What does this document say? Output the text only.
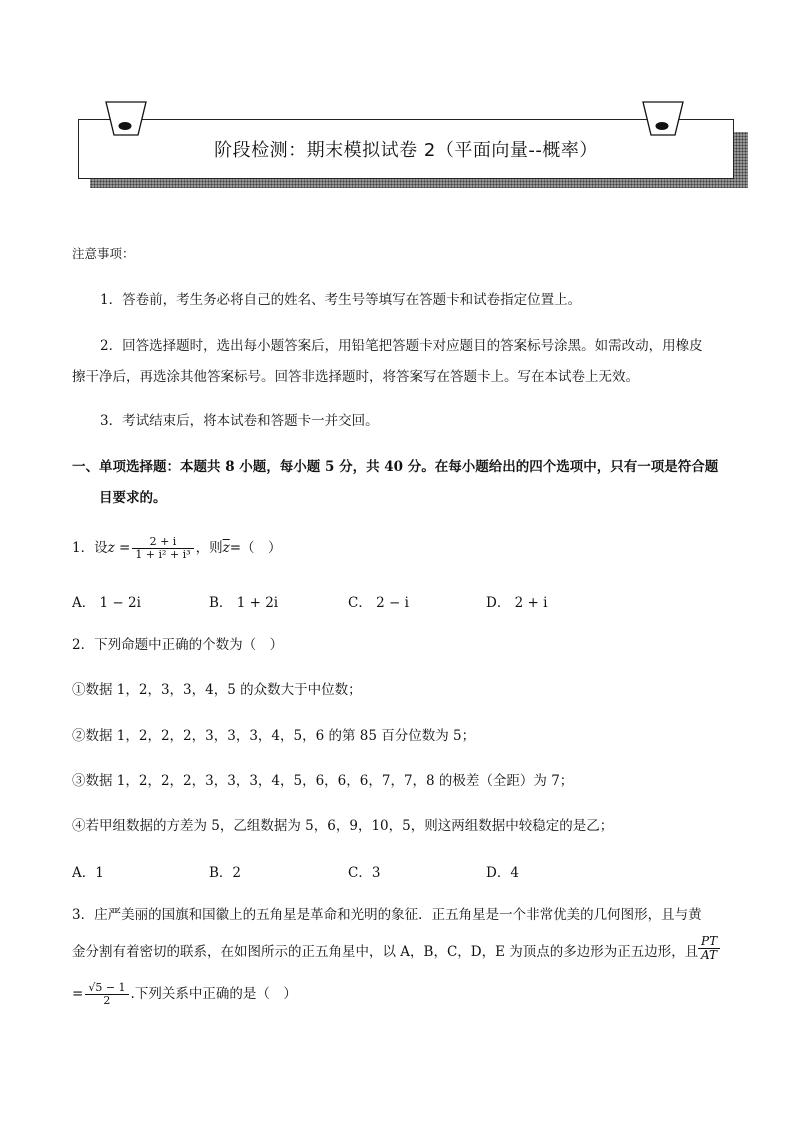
阶段检测：期末模拟试卷 2（平面向量--概率）
注意事项：
1．答卷前，考生务必将自己的姓名、考生号等填写在答题卡和试卷指定位置上。
2．回答选择题时，选出每小题答案后，用铅笔把答题卡对应题目的答案标号涂黑。如需改动，用橡皮
擦干净后，再选涂其他答案标号。回答非选择题时，将答案写在答题卡上。写在本试卷上无效。
3．考试结束后，将本试卷和答题卡一并交回。
一、单项选择题：本题共 8 小题，每小题 5 分，共 40 分。在每小题给出的四个选项中，只有一项是符合题
目要求的。
1．设$z = \frac{2 + i}{\text{1 + i² + i³}}$ ，则$\overline{z}=$（　）
A． 1 − 2i	B． 1 + 2i	C． 2 − i	D． 2 + i
2．下列命题中正确的个数为（　）
①数据 1，2，3，3，4，5 的众数大于中位数；
②数据 1，2，2，2，3，3，3，4，5，6 的第 85 百分位数为 5；
③数据 1，2，2，2，3，3，3，4，5，6，6，6，7，7，8 的极差（全距）为 7；
④若甲组数据的方差为 5，乙组数据为 5，6，9，10，5，则这两组数据中较稳定的是乙；
A．1	B．2	C．3	D．4
3．庄严美丽的国旗和国徽上的五角星是革命和光明的象征．正五角星是一个非常优美的几何图形，且与黄
金分割有着密切的联系，在如图所示的正五角星中，以 A，B，C，D，E 为顶点的多边形为正五边形，且 $\frac{PT}{AT}$
= $\frac{√5 - 1}{2}$ .下列关系中正确的是（　）
